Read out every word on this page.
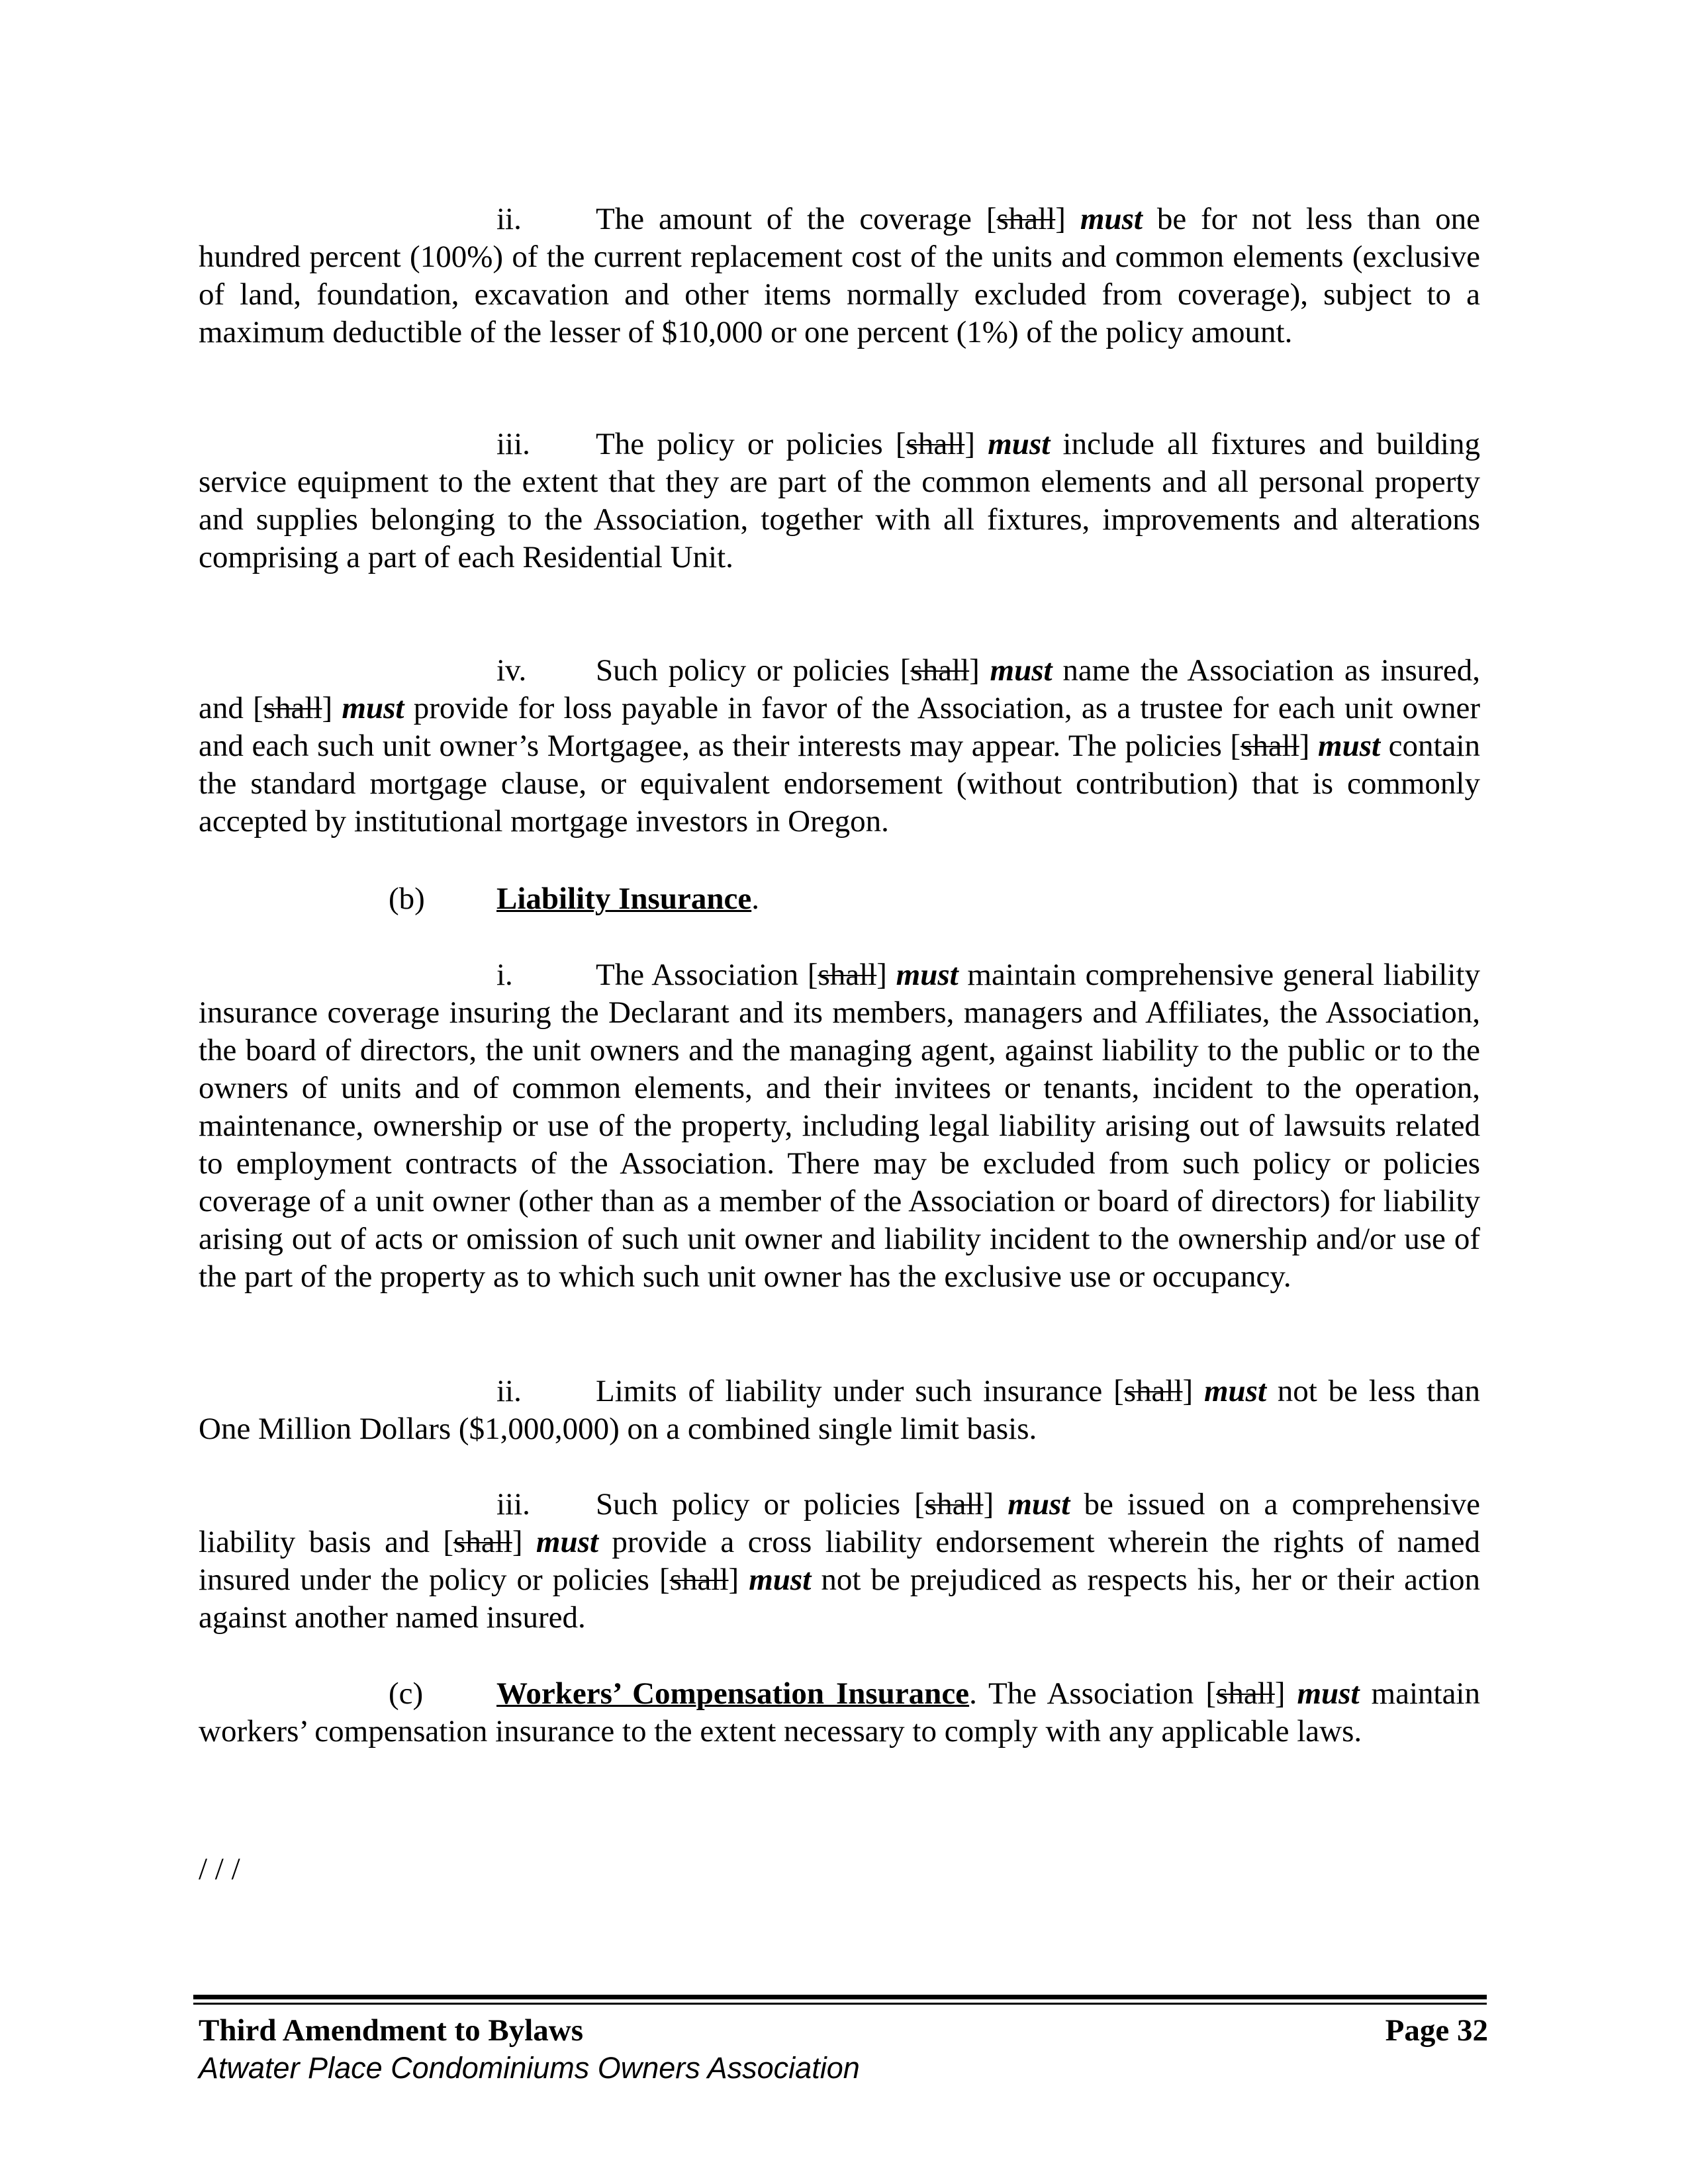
ii. The amount of the coverage [shall] must be for not less than one hundred percent (100%) of the current replacement cost of the units and common elements (exclusive of land, foundation, excavation and other items normally excluded from coverage), subject to a maximum deductible of the lesser of $10,000 or one percent (1%) of the policy amount.

iii. The policy or policies [shall] must include all fixtures and building service equipment to the extent that they are part of the common elements and all personal property and supplies belonging to the Association, together with all fixtures, improvements and alterations comprising a part of each Residential Unit.

iv. Such policy or policies [shall] must name the Association as insured, and [shall] must provide for loss payable in favor of the Association, as a trustee for each unit owner and each such unit owner’s Mortgagee, as their interests may appear. The policies [shall] must contain the standard mortgage clause, or equivalent endorsement (without contribution) that is commonly accepted by institutional mortgage investors in Oregon.

(b) Liability Insurance.

i.	The Association [shall] must maintain comprehensive general liability insurance coverage insuring the Declarant and its members, managers and Affiliates, the Association, the board of directors, the unit owners and the managing agent, against liability to the public or to the owners of units and of common elements, and their invitees or tenants, incident to the operation, maintenance, ownership or use of the property, including legal liability arising out of lawsuits related to employment contracts of the Association. There may be excluded from such policy or policies coverage of a unit owner (other than as a member of the Association or board of directors) for liability arising out of acts or omission of such unit owner and liability incident to the ownership and/or use of the part of the property as to which such unit owner has the exclusive use or occupancy.

ii. Limits of liability under such insurance [shall] must not be less than One Million Dollars ($1,000,000) on a combined single limit basis.

iii. Such policy or policies [shall] must be issued on a comprehensive liability basis and [shall] must provide a cross liability endorsement wherein the rights of named insured under the policy or policies [shall] must not be prejudiced as respects his, her or their action against another named insured.

(c) Workers’ Compensation Insurance. The Association [shall] must maintain workers’ compensation insurance to the extent necessary to comply with any applicable laws.

/ / /

Third Amendment to Bylaws	Page 32

Atwater Place Condominiums Owners Association
